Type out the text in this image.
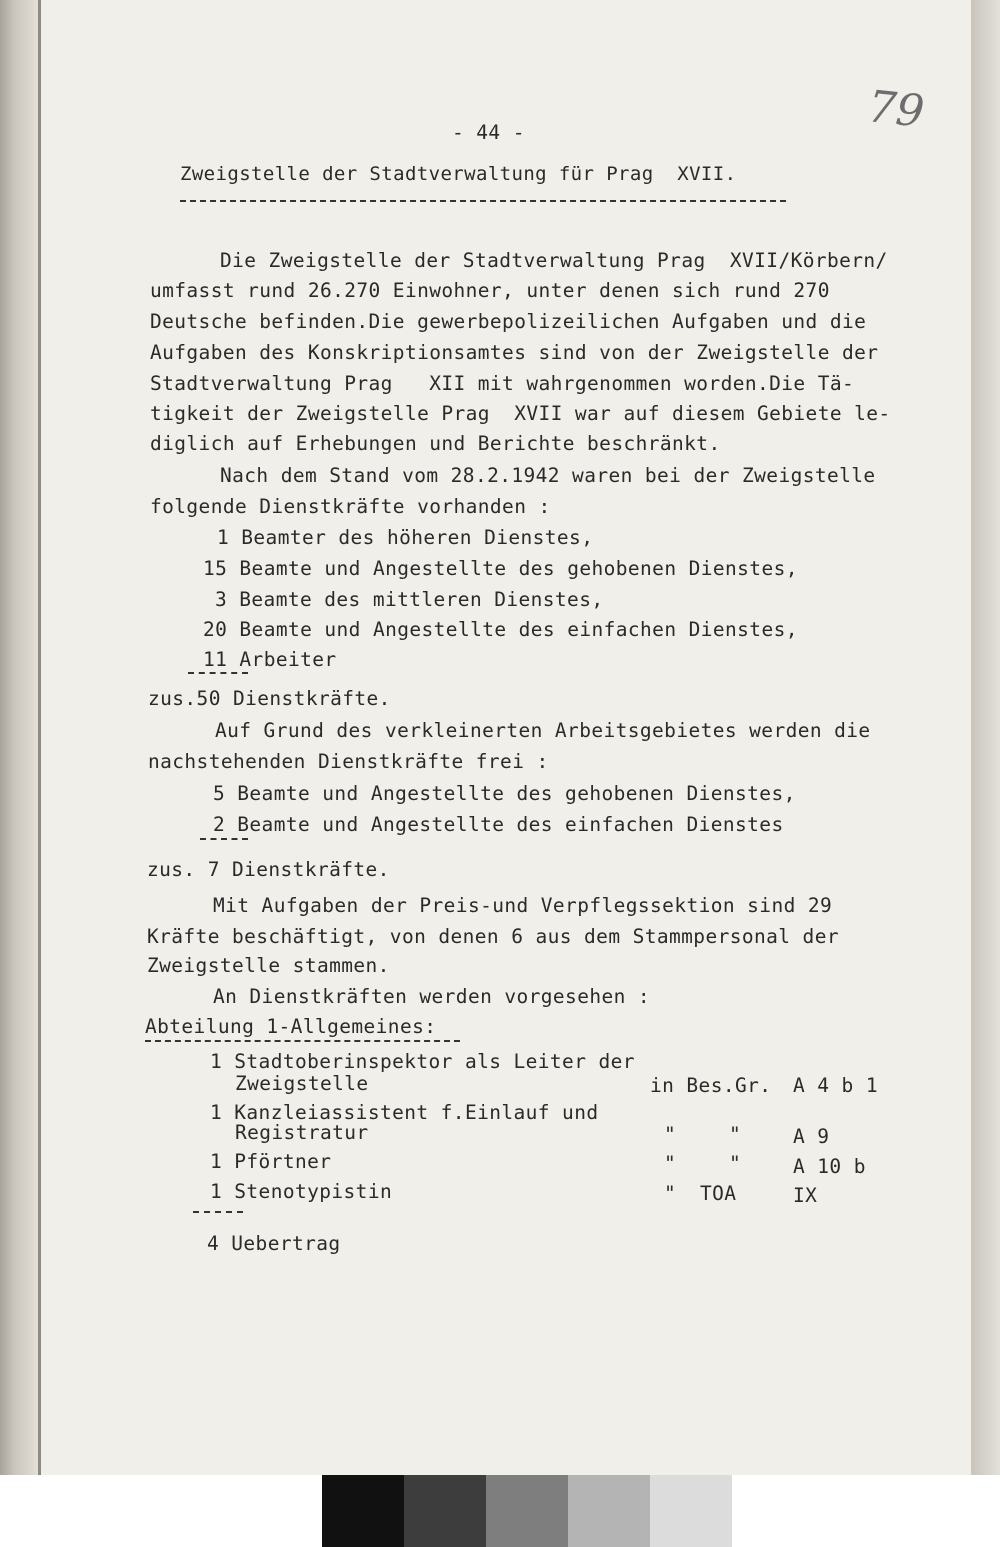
79
- 44 -
Zweigstelle der Stadtverwaltung für Prag  XVII.
Die Zweigstelle der Stadtverwaltung Prag  XVII/Körbern/
umfasst rund 26.270 Einwohner, unter denen sich rund 270
Deutsche befinden.Die gewerbepolizeilichen Aufgaben und die
Aufgaben des Konskriptionsamtes sind von der Zweigstelle der
Stadtverwaltung Prag   XII mit wahrgenommen worden.Die Tä-
tigkeit der Zweigstelle Prag  XVII war auf diesem Gebiete le-
diglich auf Erhebungen und Berichte beschränkt.
Nach dem Stand vom 28.2.1942 waren bei der Zweigstelle
folgende Dienstkräfte vorhanden :
1 Beamter des höheren Dienstes,
15 Beamte und Angestellte des gehobenen Dienstes,
3 Beamte des mittleren Dienstes,
20 Beamte und Angestellte des einfachen Dienstes,
11 Arbeiter
zus.50 Dienstkräfte.
Auf Grund des verkleinerten Arbeitsgebietes werden die
nachstehenden Dienstkräfte frei :
5 Beamte und Angestellte des gehobenen Dienstes,
2 Beamte und Angestellte des einfachen Dienstes
zus. 7 Dienstkräfte.
Mit Aufgaben der Preis-und Verpflegssektion sind 29
Kräfte beschäftigt, von denen 6 aus dem Stammpersonal der
Zweigstelle stammen.
An Dienstkräften werden vorgesehen :
Abteilung 1-Allgemeines:
1 Stadtoberinspektor als Leiter der
Zweigstelle	in Bes.Gr. A 4 b 1
1 Kanzleiassistent f.Einlauf und
Registratur	"	"	A 9
1 Pförtner	"	"	A 10 b
1 Stenotypistin	" TOA	IX
4 Uebertrag
